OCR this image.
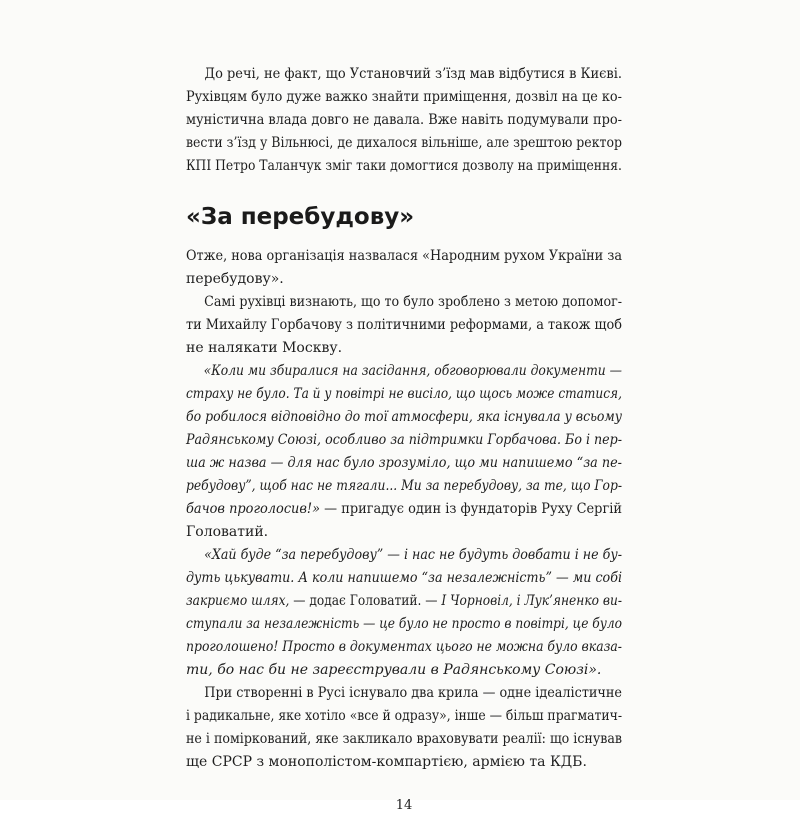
До речі, не факт, що Установчий з’їзд мав відбутися в Києві.
Рухівцям було дуже важко знайти приміщення, дозвіл на це ко-
муністична влада довго не давала. Вже навіть подумували про-
вести з’їзд у Вільнюсі, де дихалося вільніше, але зрештою ректор
КПІ Петро Таланчук зміг таки домогтися дозволу на приміщення.
«За перебудову»
Отже, нова організація назвалася «Народним рухом України за
перебудову».
Самі рухівці визнають, що то було зроблено з метою допомог-
ти Михайлу Горбачову з політичними реформами, а також щоб
не налякати Москву.
«Коли ми збиралися на засідання, обговорювали документи —
страху не було. Та й у повітрі не висіло, що щось може статися,
бо робилося відповідно до тої атмосфери, яка існувала у всьому
Радянському Союзі, особливо за підтримки Горбачова. Бо і пер-
ша ж назва — для нас було зрозуміло, що ми напишемо “за пе-
ребудову”, щоб нас не тягали... Ми за перебудову, за те, що Гор-
бачов проголосив!» — пригадує один із фундаторів Руху Сергій
Головатий.
«Хай буде “за перебудову” — і нас не будуть довбати і не бу-
дуть цькувати. А коли напишемо “за незалежність” — ми собі
закриємо шлях, — додає Головатий. — І Чорновіл, і Лук’яненко ви-
ступали за незалежність — це було не просто в повітрі, це було
проголошено! Просто в документах цього не можна було вказа-
ти, бо нас би не зареєстрували в Радянському Союзі».
При створенні в Русі існувало два крила — одне ідеалістичне
і радикальне, яке хотіло «все й одразу», інше — більш прагматич-
не і поміркований, яке закликало враховувати реалії: що існував
ще СРСР з монополістом-компартією, армією та КДБ.
14
